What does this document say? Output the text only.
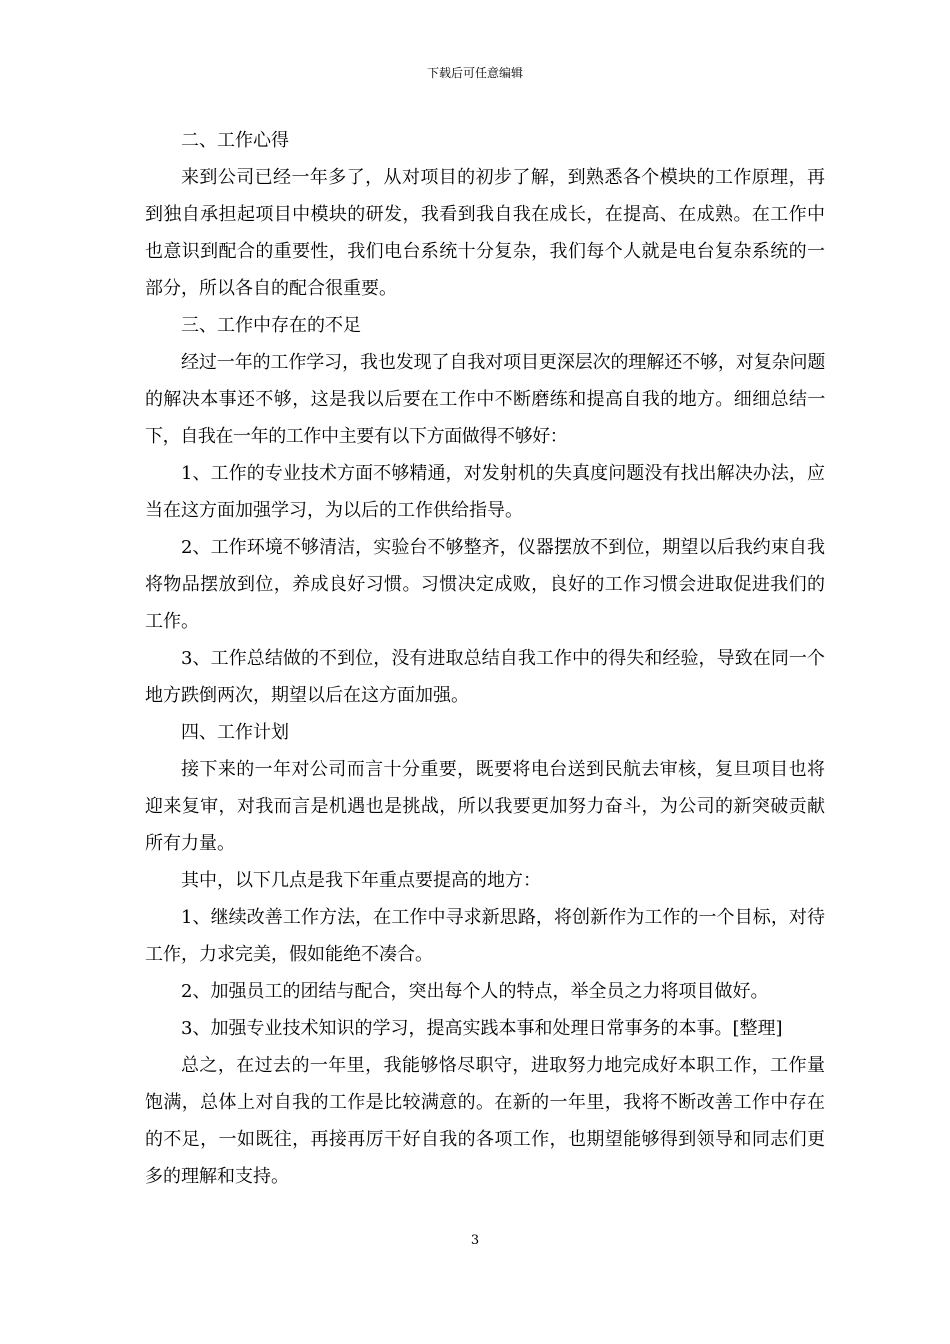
下载后可任意编辑

二、工作心得

来到公司已经一年多了，从对项目的初步了解，到熟悉各个模块的工作原理，再到独自承担起项目中模块的研发，我看到我自我在成长，在提高、在成熟。在工作中也意识到配合的重要性，我们电台系统十分复杂，我们每个人就是电台复杂系统的一部分，所以各自的配合很重要。

三、工作中存在的不足

经过一年的工作学习，我也发现了自我对项目更深层次的理解还不够，对复杂问题的解决本事还不够，这是我以后要在工作中不断磨练和提高自我的地方。细细总结一下，自我在一年的工作中主要有以下方面做得不够好：

1、工作的专业技术方面不够精通，对发射机的失真度问题没有找出解决办法，应当在这方面加强学习，为以后的工作供给指导。

2、工作环境不够清洁，实验台不够整齐，仪器摆放不到位，期望以后我约束自我将物品摆放到位，养成良好习惯。习惯决定成败，良好的工作习惯会进取促进我们的工作。

3、工作总结做的不到位，没有进取总结自我工作中的得失和经验，导致在同一个地方跌倒两次，期望以后在这方面加强。

四、工作计划

接下来的一年对公司而言十分重要，既要将电台送到民航去审核，复旦项目也将迎来复审，对我而言是机遇也是挑战，所以我要更加努力奋斗，为公司的新突破贡献所有力量。

其中，以下几点是我下年重点要提高的地方：

1、继续改善工作方法，在工作中寻求新思路，将创新作为工作的一个目标，对待工作，力求完美，假如能绝不凑合。

2、加强员工的团结与配合，突出每个人的特点，举全员之力将项目做好。

3、加强专业技术知识的学习，提高实践本事和处理日常事务的本事。[整理]

总之，在过去的一年里，我能够恪尽职守，进取努力地完成好本职工作，工作量饱满，总体上对自我的工作是比较满意的。在新的一年里，我将不断改善工作中存在的不足，一如既往，再接再厉干好自我的各项工作，也期望能够得到领导和同志们更多的理解和支持。

3
